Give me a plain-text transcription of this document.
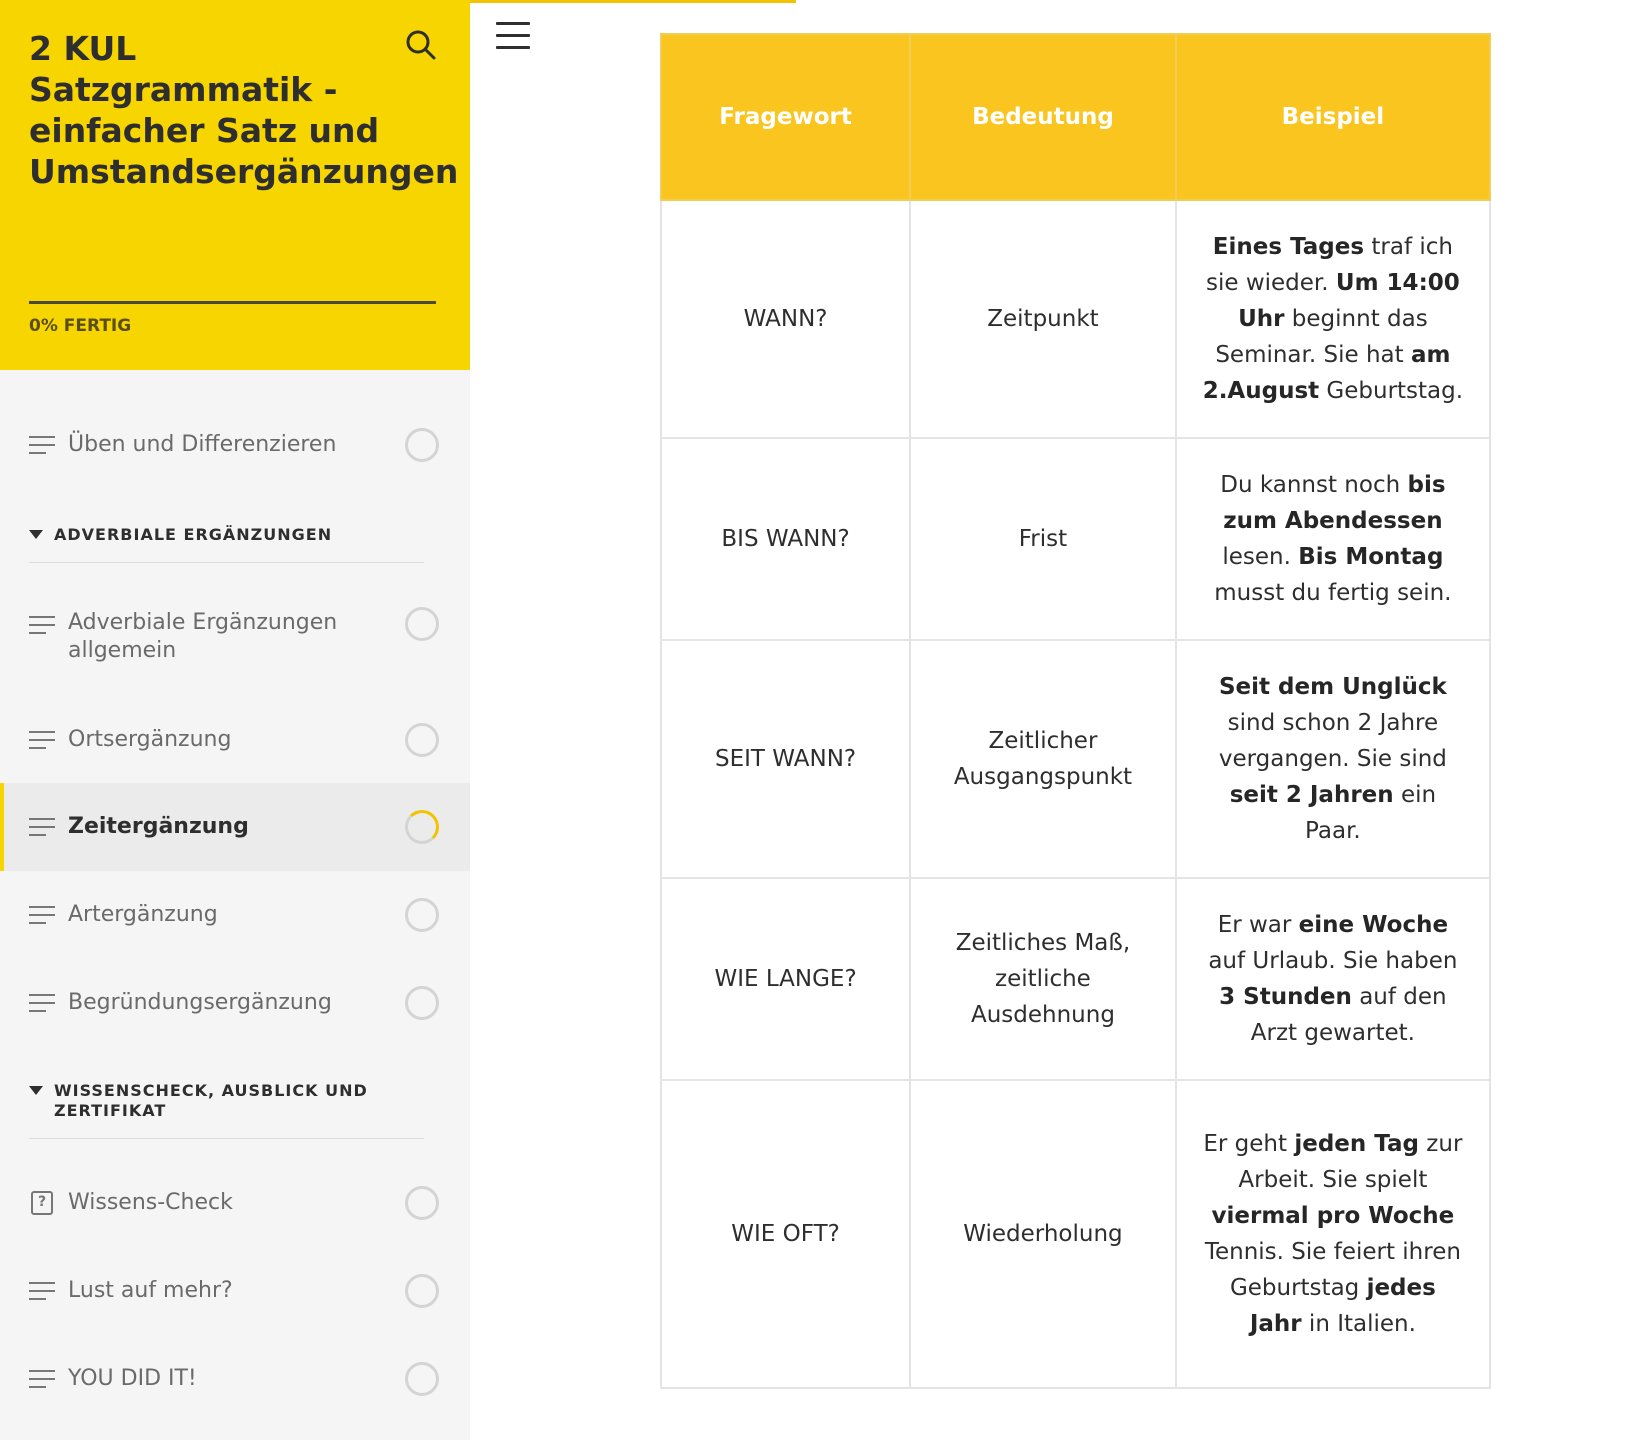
2 KUL Satzgrammatik - einfacher Satz und Umstandsergänzungen
0% FERTIG
Üben und Differenzieren
ADVERBIALE ERGÄNZUNGEN
Adverbiale Ergänzungen allgemein
Ortsergänzung
Zeitergänzung
Artergänzung
Begründungsergänzung
WISSENSCHECK, AUSBLICK UND ZERTIFIKAT
? Wissens-Check
Lust auf mehr?
YOU DID IT!
Fragewort	Bedeutung	Beispiel
WANN?	Zeitpunkt	Eines Tages traf ich sie wieder. Um 14:00 Uhr beginnt das Seminar. Sie hat am 2.August Geburtstag.
BIS WANN?	Frist	Du kannst noch bis zum Abendessen lesen. Bis Montag musst du fertig sein.
SEIT WANN?	Zeitlicher Ausgangspunkt	Seit dem Unglück sind schon 2 Jahre vergangen. Sie sind seit 2 Jahren ein Paar.
WIE LANGE?	Zeitliches Maß, zeitliche Ausdehnung	Er war eine Woche auf Urlaub. Sie haben 3 Stunden auf den Arzt gewartet.
WIE OFT?	Wiederholung	Er geht jeden Tag zur Arbeit. Sie spielt viermal pro Woche Tennis. Sie feiert ihren Geburtstag jedes Jahr in Italien.
